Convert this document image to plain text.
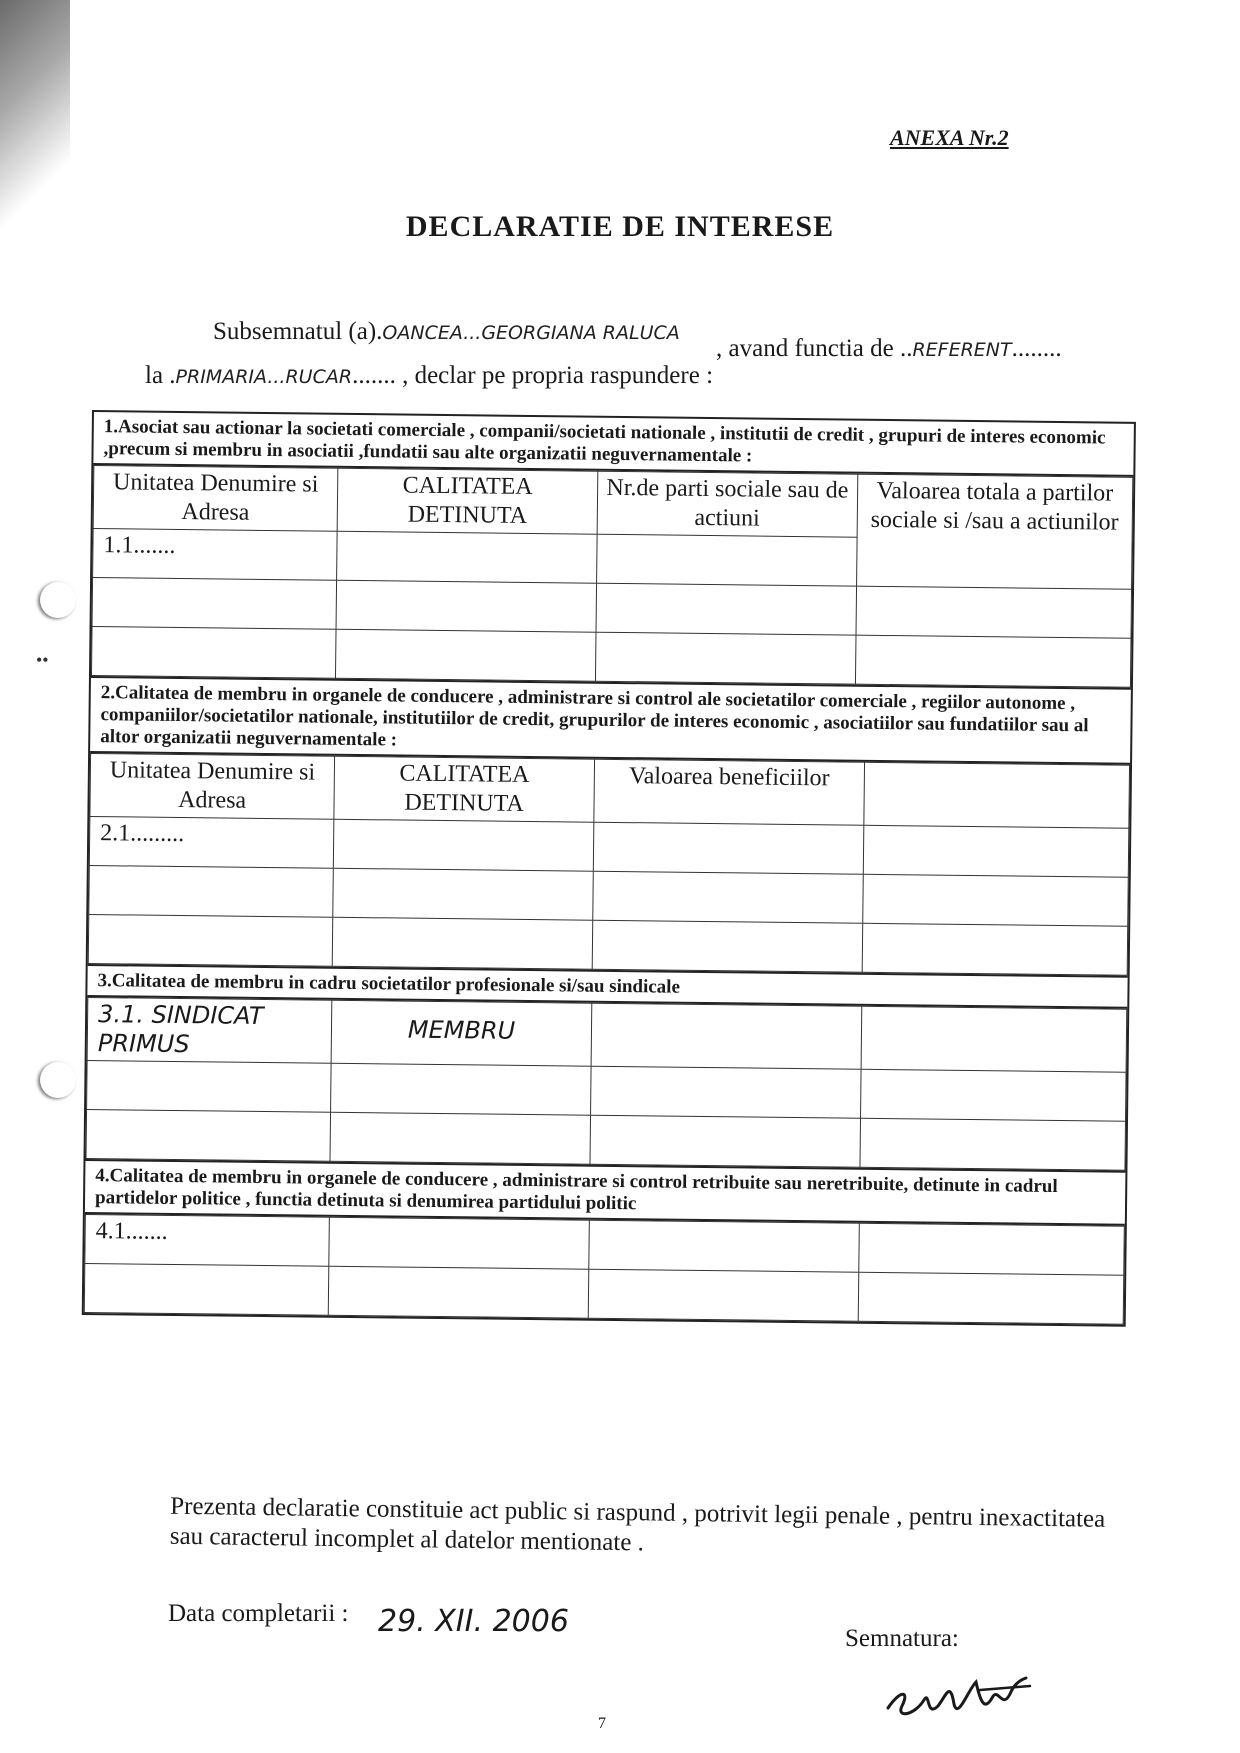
••
ANEXA Nr.2
DECLARATIE DE INTERESE
Subsemnatul (a).OANCEA...GEORGIANA RALUCA
, avand functia de ..REFERENT........
la .PRIMARIA...RUCAR....... , declar pe propria raspundere :
1.Asociat sau actionar la societati comerciale , companii/societati nationale , institutii de credit , grupuri de interes economic ,precum si membru in asociatii ,fundatii sau alte organizatii neguvernamentale :
Unitatea Denumire si Adresa	CALITATEA DETINUTA	Nr.de parti sociale sau de actiuni	Valoarea totala a partilor sociale si /sau a actiunilor
1.1.......			

2.Calitatea de membru in organele de conducere , administrare si control ale societatilor comerciale , regiilor autonome , companiilor/societatilor nationale, institutiilor de credit, grupurilor de interes economic , asociatiilor sau fundatiilor sau al altor organizatii neguvernamentale :
Unitatea Denumire si Adresa	CALITATEA DETINUTA	Valoarea beneficiilor	
2.1.........			

3.Calitatea de membru in cadru societatilor profesionale si/sau sindicale
3.1. SINDICAT PRIMUS	MEMBRU		

4.Calitatea de membru in organele de conducere , administrare si control retribuite sau neretribuite, detinute in cadrul partidelor politice , functia detinuta si denumirea partidului politic
4.1.......			

Prezenta declaratie constituie act public si raspund , potrivit legii penale , pentru inexactitatea sau caracterul incomplet al datelor mentionate .
Data completarii : 29. XII. 2006	Semnatura:
7
